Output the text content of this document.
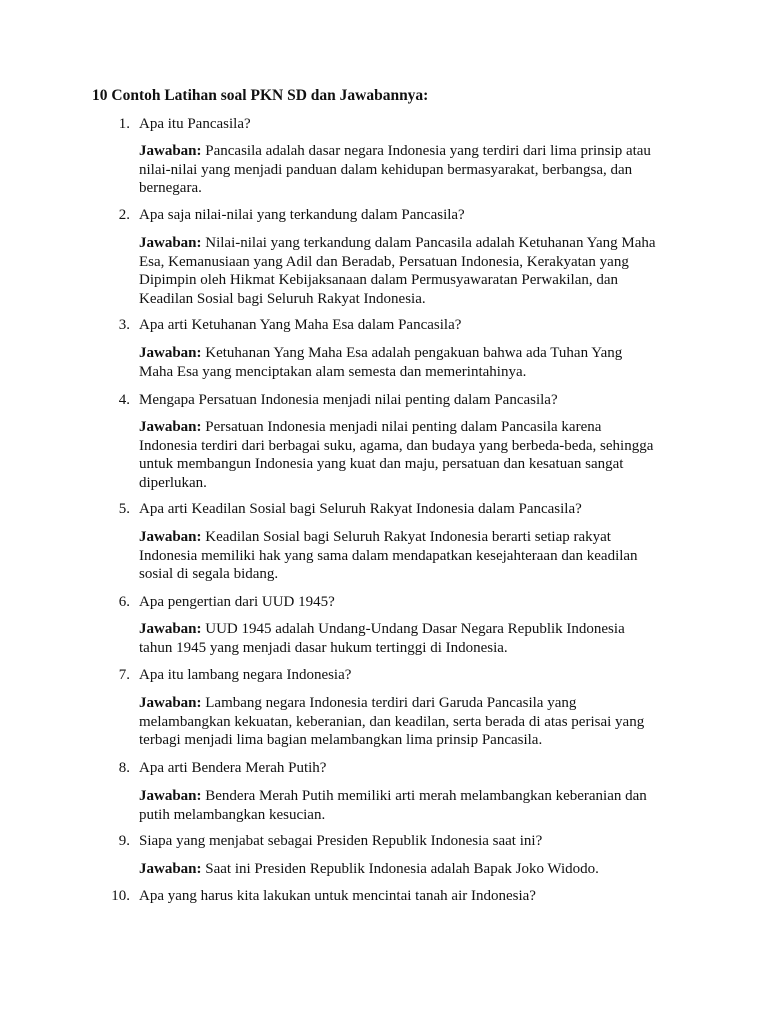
10 Contoh Latihan soal PKN SD dan Jawabannya:
1. Apa itu Pancasila?
Jawaban: Pancasila adalah dasar negara Indonesia yang terdiri dari lima prinsip atau
nilai-nilai yang menjadi panduan dalam kehidupan bermasyarakat, berbangsa, dan
bernegara.
2. Apa saja nilai-nilai yang terkandung dalam Pancasila?
Jawaban: Nilai-nilai yang terkandung dalam Pancasila adalah Ketuhanan Yang Maha
Esa, Kemanusiaan yang Adil dan Beradab, Persatuan Indonesia, Kerakyatan yang
Dipimpin oleh Hikmat Kebijaksanaan dalam Permusyawaratan Perwakilan, dan
Keadilan Sosial bagi Seluruh Rakyat Indonesia.
3. Apa arti Ketuhanan Yang Maha Esa dalam Pancasila?
Jawaban: Ketuhanan Yang Maha Esa adalah pengakuan bahwa ada Tuhan Yang
Maha Esa yang menciptakan alam semesta dan memerintahinya.
4. Mengapa Persatuan Indonesia menjadi nilai penting dalam Pancasila?
Jawaban: Persatuan Indonesia menjadi nilai penting dalam Pancasila karena
Indonesia terdiri dari berbagai suku, agama, dan budaya yang berbeda-beda, sehingga
untuk membangun Indonesia yang kuat dan maju, persatuan dan kesatuan sangat
diperlukan.
5. Apa arti Keadilan Sosial bagi Seluruh Rakyat Indonesia dalam Pancasila?
Jawaban: Keadilan Sosial bagi Seluruh Rakyat Indonesia berarti setiap rakyat
Indonesia memiliki hak yang sama dalam mendapatkan kesejahteraan dan keadilan
sosial di segala bidang.
6. Apa pengertian dari UUD 1945?
Jawaban: UUD 1945 adalah Undang-Undang Dasar Negara Republik Indonesia
tahun 1945 yang menjadi dasar hukum tertinggi di Indonesia.
7. Apa itu lambang negara Indonesia?
Jawaban: Lambang negara Indonesia terdiri dari Garuda Pancasila yang
melambangkan kekuatan, keberanian, dan keadilan, serta berada di atas perisai yang
terbagi menjadi lima bagian melambangkan lima prinsip Pancasila.
8. Apa arti Bendera Merah Putih?
Jawaban: Bendera Merah Putih memiliki arti merah melambangkan keberanian dan
putih melambangkan kesucian.
9. Siapa yang menjabat sebagai Presiden Republik Indonesia saat ini?
Jawaban: Saat ini Presiden Republik Indonesia adalah Bapak Joko Widodo.
10. Apa yang harus kita lakukan untuk mencintai tanah air Indonesia?
